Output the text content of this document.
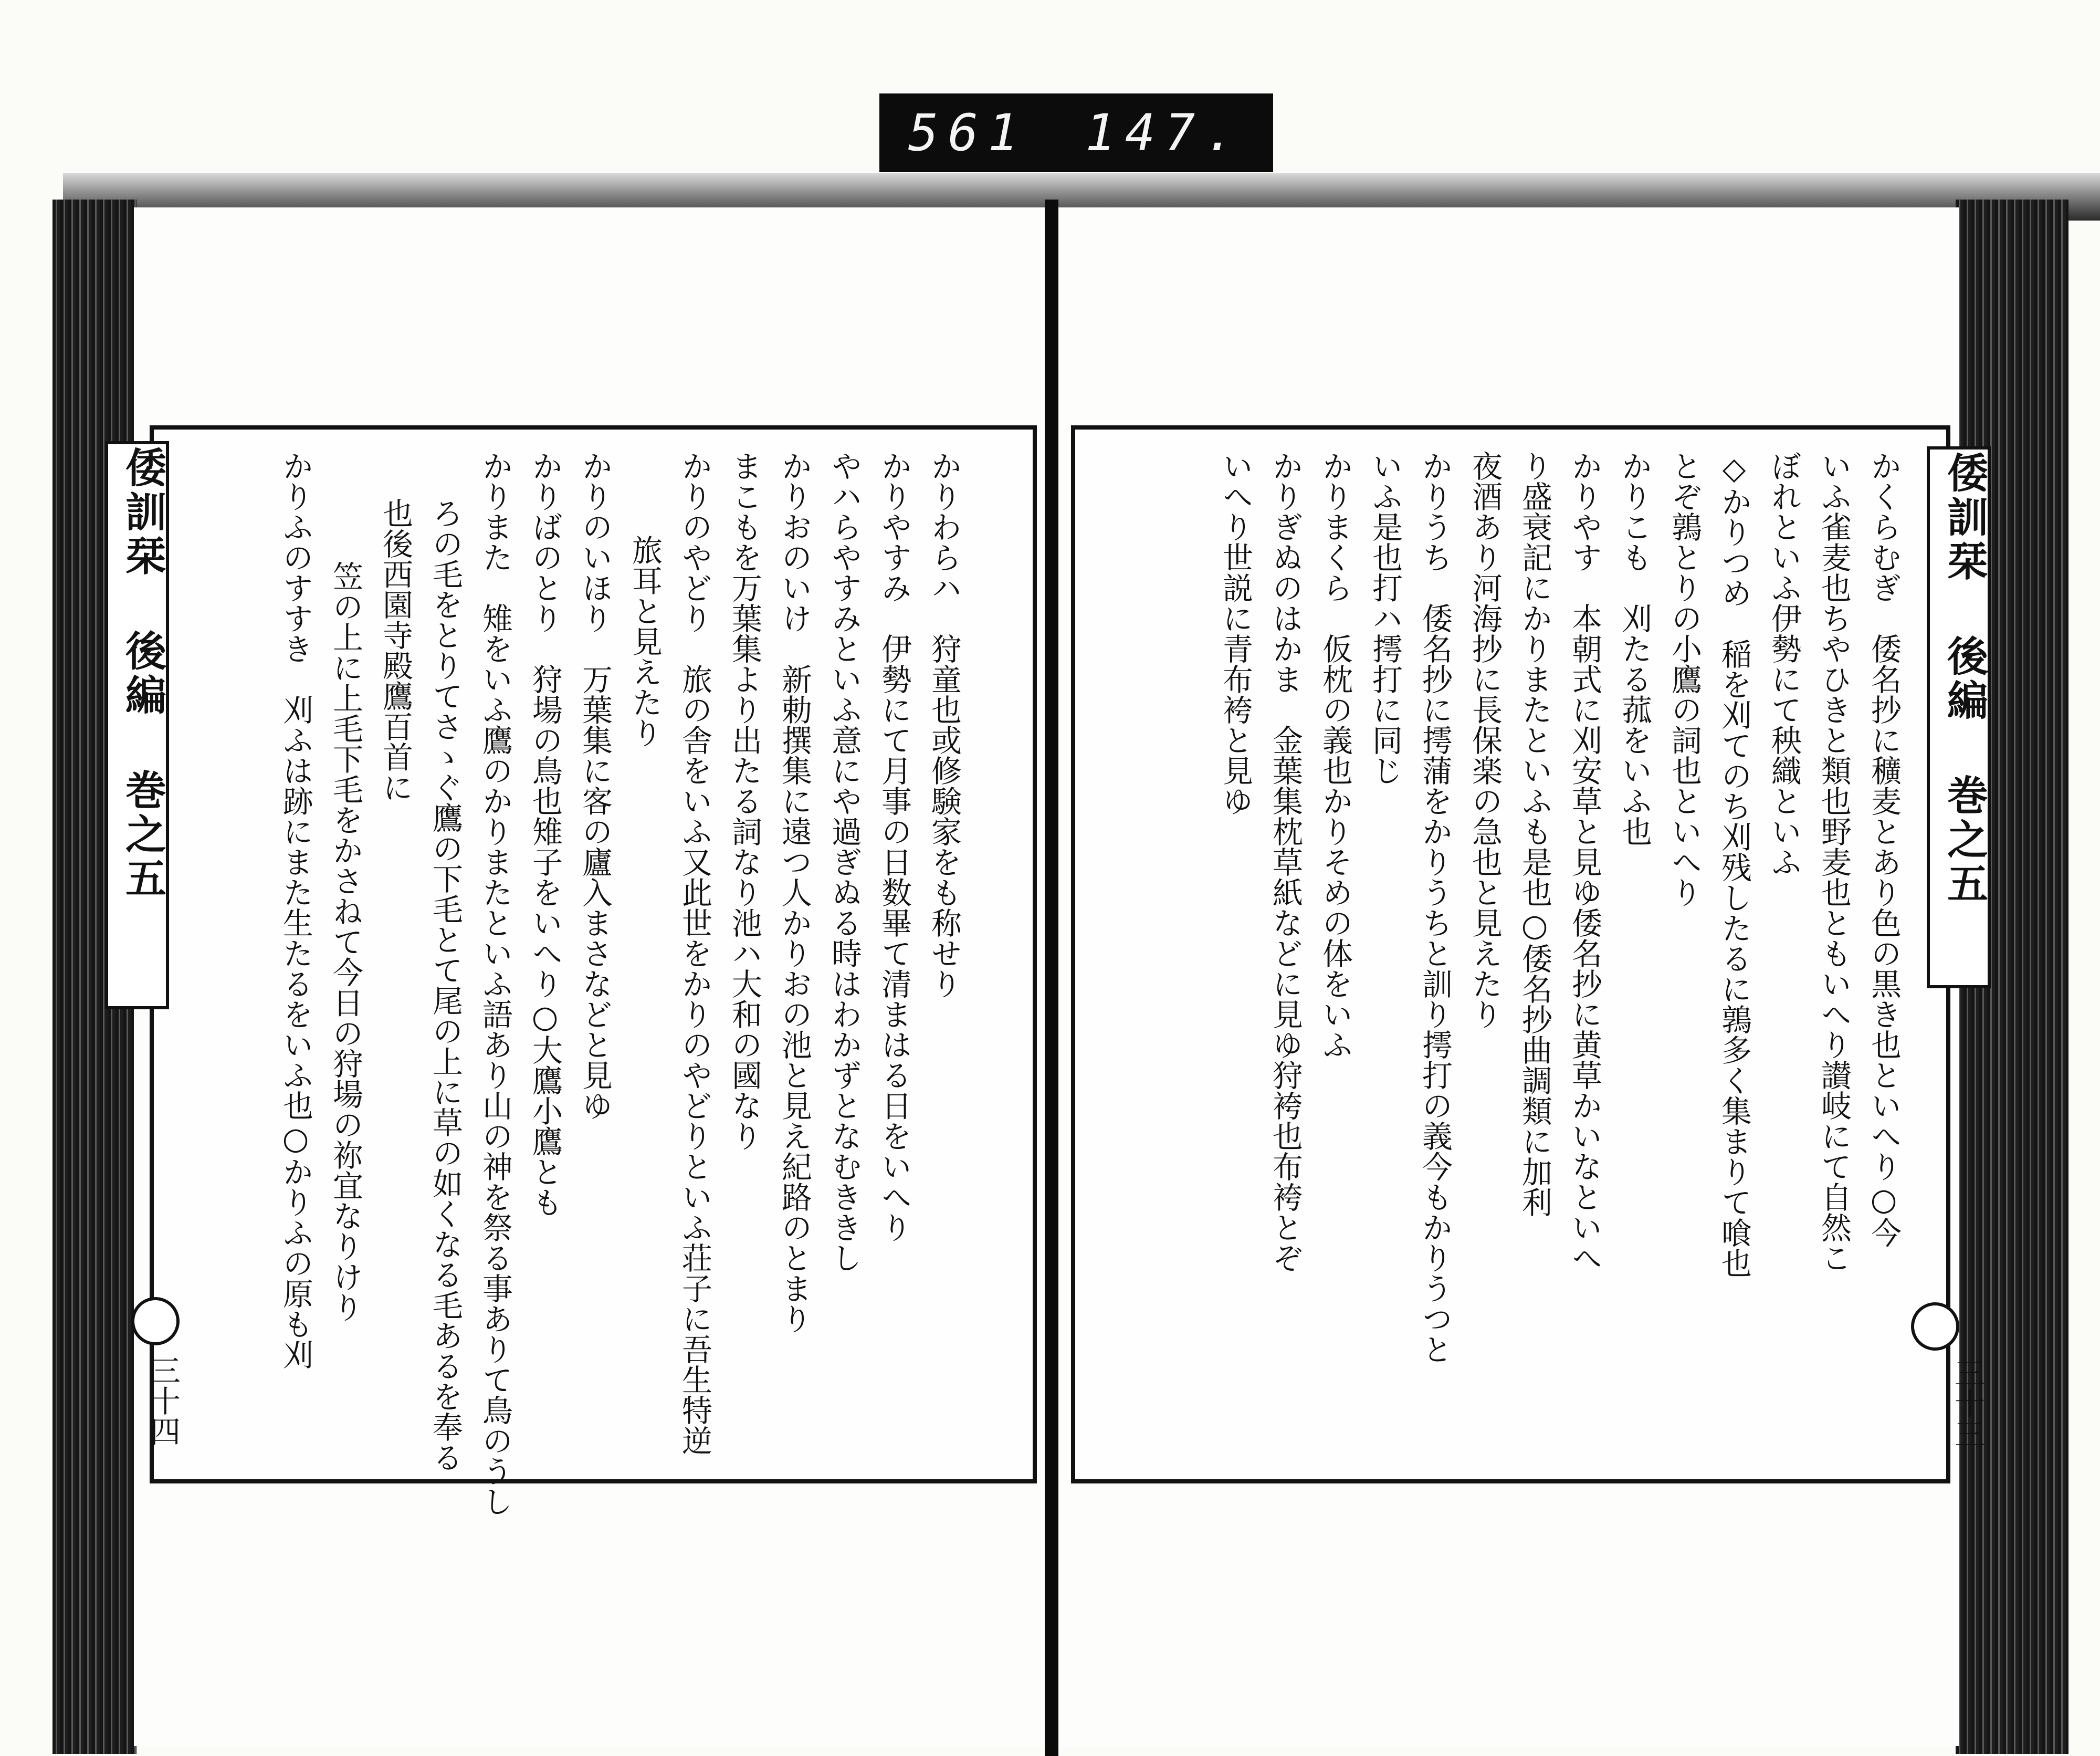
561 147.
かりわらハ　狩童也或修験家をも称せり
かりやすみ　伊勢にて月事の日数畢て清まはる日をいへり
やハらやすみといふ意にや過ぎぬる時はわかずとなむききし
かりおのいけ　新勅撰集に遠つ人かりおの池と見え紀路のとまり
まこもを万葉集より出たる詞なり池ハ大和の國なり
かりのやどり　旅の舎をいふ又此世をかりのやどりといふ荘子に吾生特逆
旅耳と見えたり
かりのいほり　万葉集に客の廬入まさなどと見ゆ
かりばのとり　狩場の鳥也雉子をいへり○大鷹小鷹とも
かりまた　雉をいふ鷹のかりまたといふ語あり山の神を祭る事ありて鳥のうし
ろの毛をとりてさゝぐ鷹の下毛とて尾の上に草の如くなる毛あるを奉る
也後西園寺殿鷹百首に
笠の上に上毛下毛をかさねて今日の狩場の祢宜なりけり
かりふのすすき　刈ふは跡にまた生たるをいふ也○かりふの原も刈
倭訓栞 後編 巻之五
三十四
かくらむぎ　倭名抄に穬麦とあり色の黒き也といへり○今
いふ雀麦也ちやひきと類也野麦也ともいへり讃岐にて自然こ
ぼれといふ伊勢にて秧織といふ
◇かりつめ　稲を刈てのち刈残したるに鶉多く集まりて喰也
とぞ鶉とりの小鷹の詞也といへり
かりこも　刈たる菰をいふ也
かりやす　本朝式に刈安草と見ゆ倭名抄に黄草かいなといへ
り盛衰記にかりまたといふも是也○倭名抄曲調類に加利
夜酒あり河海抄に長保楽の急也と見えたり
かりうち　倭名抄に摴蒲をかりうちと訓り摴打の義今もかりうつと
いふ是也打ハ摴打に同じ
かりまくら　仮枕の義也かりそめの体をいふ
かりぎぬのはかま　金葉集枕草紙などに見ゆ狩袴也布袴とぞ
いへり世説に青布袴と見ゆ	倭訓栞 後編 巻之五
三十三
